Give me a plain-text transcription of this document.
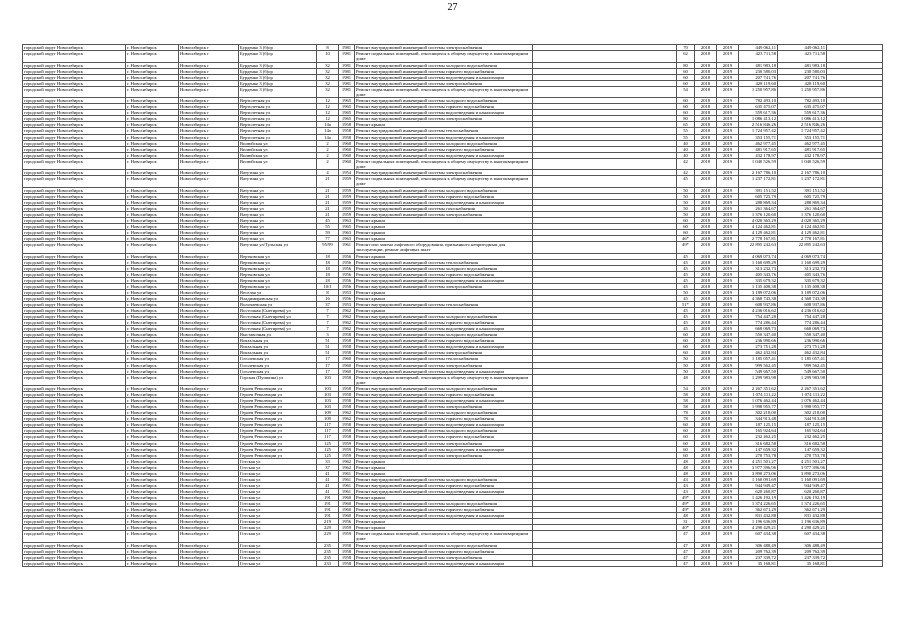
27
городской округ Новосибирск	г. Новосибирск	Новосибирск г	Бурденко 3 (б)ор	8	1981	Ремонт внутридомовой инженерной системы электроснабжения		70	2018	2019	449 062,11	449 062,11	
городской округ Новосибирск	г. Новосибирск	Новосибирск г	Бурденко 3 (б)ор	10	1981	Ремонт подвальных помещений, относящихся к общему имуществу в многоквартирном доме		62	2018	2019	423 711,58	423 711,58	
городской округ Новосибирск	г. Новосибирск	Новосибирск г	Бурденко 3 (б)ор	32	1981	Ремонт внутридомовой инженерной системы холодного водоснабжения		80	2018	2019	481 983,18	481 983,18	
городской округ Новосибирск	г. Новосибирск	Новосибирск г	Бурденко 3 (б)ор	32	1981	Ремонт внутридомовой инженерной системы горячего водоснабжения		60	2018	2019	230 580,03	230 580,03	
городской округ Новосибирск	г. Новосибирск	Новосибирск г	Бурденко 3 (б)ор	32	1981	Ремонт внутридомовой инженерной системы водоотведения и канализации		60	2018	2019	207 741,76	207 741,76	
городской округ Новосибирск	г. Новосибирск	Новосибирск г	Бурденко 3 (б)ор	32	1981	Ремонт внутридомовой инженерной системы электроснабжения		60	2018	2019	428 119,60	428 119,60	
городской округ Новосибирск	г. Новосибирск	Новосибирск г	Бурденко 3 (б)ор	32	1981	Ремонт подвальных помещений, относящихся к общему имуществу в многоквартирном доме		54	2018	2019	1 250 957,86	1 250 957,86	
городской округ Новосибирск	г. Новосибирск	Новосибирск г	Вертолетная ул	12	1965	Ремонт внутридомовой инженерной системы холодного водоснабжения		60	2018	2019	782 493,10	782 493,10	
городской округ Новосибирск	г. Новосибирск	Новосибирск г	Вертолетная ул	12	1965	Ремонт внутридомовой инженерной системы горячего водоснабжения		60	2018	2019	635 475,07	635 475,07	
городской округ Новосибирск	г. Новосибирск	Новосибирск г	Вертолетная ул	12	1965	Ремонт внутридомовой инженерной системы водоотведения и канализации		60	2018	2019	559 617,36	559 617,36	
городской округ Новосибирск	г. Новосибирск	Новосибирск г	Вертолетная ул	12	1965	Ремонт внутридомовой инженерной системы электроснабжения		80	2018	2019	1 086 413,12	1 086 413,12	
городской округ Новосибирск	г. Новосибирск	Новосибирск г	Вертолетная ул	14а	1958	Ремонт крыши		65	2018	2019	2 516 846,26	2 516 846,26	
городской округ Новосибирск	г. Новосибирск	Новосибирск г	Вертолетная ул	14а	1958	Ремонт внутридомовой инженерной системы теплоснабжения		55	2018	2019	1 724 957,42	1 724 957,42	
городской округ Новосибирск	г. Новосибирск	Новосибирск г	Вертолетная ул	14а	1958	Ремонт внутридомовой инженерной системы водоотведения и канализации		55	2018	2019	353 155,71	353 155,71	
городской округ Новосибирск	г. Новосибирск	Новосибирск г	Вилюйская ул	2	1960	Ремонт внутридомовой инженерной системы холодного водоснабжения		40	2018	2019	462 977,45	462 977,45	
городской округ Новосибирск	г. Новосибирск	Новосибирск г	Вилюйская ул	2	1960	Ремонт внутридомовой инженерной системы горячего водоснабжения		40	2018	2019	481 917,65	481 917,65	
городской округ Новосибирск	г. Новосибирск	Новосибирск г	Вилюйская ул	2	1960	Ремонт внутридомовой инженерной системы водоотведения и канализации		40	2018	2019	432 178,97	432 178,97	
городской округ Новосибирск	г. Новосибирск	Новосибирск г	Вилюйская ул	2	1960	Ремонт подвальных помещений, относящихся к общему имуществу в многоквартирном доме		42	2018	2019	1 040 526,59	1 040 526,59	
городской округ Новосибирск	г. Новосибирск	Новосибирск г	Ватутина ул	4	1954	Ремонт внутридомовой инженерной системы электроснабжения		42	2018	2019	2 167 786,10	2 167 786,10	
городской округ Новосибирск	г. Новосибирск	Новосибирск г	Ватутина ул	21	1959	Ремонт подвальных помещений, относящихся к общему имуществу в многоквартирном доме		45	2018	2019	1 237 172,81	1 237 172,81	
городской округ Новосибирск	г. Новосибирск	Новосибирск г	Ватутина ул	21	1959	Ремонт внутридомовой инженерной системы холодного водоснабжения		50	2018	2019	391 151,52	391 151,52	
городской округ Новосибирск	г. Новосибирск	Новосибирск г	Ватутина ул	21	1959	Ремонт внутридомовой инженерной системы горячего водоснабжения		50	2018	2019	605 725,79	605 725,79	
городской округ Новосибирск	г. Новосибирск	Новосибирск г	Ватутина ул	21	1959	Ремонт внутридомовой инженерной системы водоотведения и канализации		50	2018	2019	288 869,34	288 869,34	
городской округ Новосибирск	г. Новосибирск	Новосибирск г	Ватутина ул	21	1959	Ремонт внутридомовой инженерной системы газоснабжения		50	2018	2019	261 364,67	261 364,67	
городской округ Новосибирск	г. Новосибирск	Новосибирск г	Ватутина ул	21	1959	Ремонт внутридомовой инженерной системы электроснабжения		50	2018	2019	1 376 120,60	1 376 120,60	
городской округ Новосибирск	г. Новосибирск	Новосибирск г	Ватутина ул	45	1963	Ремонт крыши		60	2018	2019	4 020 365,29	4 020 365,29	
городской округ Новосибирск	г. Новосибирск	Новосибирск г	Ватутина ул	55	1965	Ремонт крыши		60	2018	2019	4 124 462,81	4 124 462,81	
городской округ Новосибирск	г. Новосибирск	Новосибирск г	Ватутина ул	59	1963	Ремонт крыши		60	2018	2019	4 129 462,81	4 129 462,81	
городской округ Новосибирск	г. Новосибирск	Новосибирск г	Ватутина ул	77	1963	Ремонт крыши		46*	2018	2019	2 778 167,81	2 778 167,81	
городской округ Новосибирск	г. Новосибирск	Новосибирск г	Ватутина ул/Тульская ул	95/99	1961	Ремонт или замена лифтового оборудования, признанного непригодным для эксплуатации, ремонт лифтовых шахт		49*	2018	2019	22 895 242,63	22 895 242,63	
городской округ Новосибирск	г. Новосибирск	Новосибирск г	Вертковская ул	18	1956	Ремонт крыши		45	2018	2019	4 069 073,74	4 069 073,74	
городской округ Новосибирск	г. Новосибирск	Новосибирск г	Вертковская ул	18	1956	Ремонт внутридомовой инженерной системы теплоснабжения		45	2018	2019	1 160 699,29	1 160 699,29	
городской округ Новосибирск	г. Новосибирск	Новосибирск г	Вертковская ул	18	1956	Ремонт внутридомовой инженерной системы холодного водоснабжения		45	2018	2019	313 232,73	313 232,73	
городской округ Новосибирск	г. Новосибирск	Новосибирск г	Вертковская ул	18	1956	Ремонт внутридомовой инженерной системы горячего водоснабжения		45	2018	2019	405 343,76	405 343,76	
городской округ Новосибирск	г. Новосибирск	Новосибирск г	Вертковская ул	18	1956	Ремонт внутридомовой инженерной системы водоотведения и канализации		45	2018	2019	335 679,32	335 679,32	
городской округ Новосибирск	г. Новосибирск	Новосибирск г	Вертковская ул	10/1	1956	Ремонт внутридомовой инженерной системы электроснабжения		45	2018	2019	1 135 408,38	1 135 408,38	
городской округ Новосибирск	г. Новосибирск	Новосибирск г	Веселая ул	8	1953	Ремонт крыши		50	2018	2019	3 189 072,06	3 189 072,06	
городской округ Новосибирск	г. Новосибирск	Новосибирск г	Владимировская ул	16	1956	Ремонт крыши		45	2018	2019	4 368 743,38	4 368 743,38	
городской округ Новосибирск	г. Новосибирск	Новосибирск г	Волочаевская ул	37	1953	Ремонт внутридомовой инженерной системы теплоснабжения		51*	2018	2019	608 937,86	608 937,86	
городской округ Новосибирск	г. Новосибирск	Новосибирск г	Восточная (Снегирева) ул	7	1962	Ремонт крыши		45	2018	2019	4 236 016,62	4 236 016,62	
городской округ Новосибирск	г. Новосибирск	Новосибирск г	Восточная (Снегирева) ул	7	1962	Ремонт внутридомовой инженерной системы холодного водоснабжения		45	2018	2019	754 447,28	754 447,28	
городской округ Новосибирск	г. Новосибирск	Новосибирск г	Восточная (Снегирева) ул	7	1962	Ремонт внутридомовой инженерной системы горячего водоснабжения		45	2018	2019	774 286,44	774 286,44	
городской округ Новосибирск	г. Новосибирск	Новосибирск г	Восточная (Снегирева) ул	7	1962	Ремонт внутридомовой инженерной системы водоотведения и канализации		45	2018	2019	668 069,73	668 069,73	
городской округ Новосибирск	г. Новосибирск	Новосибирск г	Выставочная ул	3	1958	Ремонт внутридомовой инженерной системы холодного водоснабжения		60	2018	2019	550 347,40	550 347,40	
городской округ Новосибирск	г. Новосибирск	Новосибирск г	Вокзальная ул	51	1958	Ремонт внутридомовой инженерной системы горячего водоснабжения		60	2018	2019	236 990,66	236 990,66	
городской округ Новосибирск	г. Новосибирск	Новосибирск г	Вокзальная ул	51	1958	Ремонт внутридомовой инженерной системы водоотведения и канализации		60	2018	2019	273 751,28	273 751,28	
городской округ Новосибирск	г. Новосибирск	Новосибирск г	Вокзальная ул	51	1958	Ремонт внутридомовой инженерной системы электроснабжения		60	2018	2019	462 432,84	462 432,84	
городской округ Новосибирск	г. Новосибирск	Новосибирск г	Гоголевская ул	17	1960	Ремонт внутридомовой инженерной системы теплоснабжения		50	2018	2019	1 185 057,41	1 185 057,41	
городской округ Новосибирск	г. Новосибирск	Новосибирск г	Гоголевская ул	17	1960	Ремонт внутридомовой инженерной системы электроснабжения		50	2018	2019	999 562,45	999 562,45	
городской округ Новосибирск	г. Новосибирск	Новосибирск г	Гоголевская ул	17	1960	Ремонт внутридомовой инженерной системы водоотведения и канализации		50	2018	2019	549 667,50	549 667,50	
городской округ Новосибирск	г. Новосибирск	Новосибирск г	Горская (Пушкина) ул	103	1958	Ремонт подвальных помещений, относящихся к общему имуществу в многоквартирном доме		48	2018	2019	1 299 983,98	1 299 983,98	
городской округ Новосибирск	г. Новосибирск	Новосибирск г	Героев Революции ул	103	1958	Ремонт внутридомовой инженерной системы холодного водоснабжения		54	2018	2019	2 267 351,62	2 267 351,62	
городской округ Новосибирск	г. Новосибирск	Новосибирск г	Героев Революции ул	103	1958	Ремонт внутридомовой инженерной системы горячего водоснабжения		58	2018	2019	1 074 111,22	1 074 111,22	
городской округ Новосибирск	г. Новосибирск	Новосибирск г	Героев Революции ул	103	1958	Ремонт внутридомовой инженерной системы водоотведения и канализации		58	2018	2019	1 076 462,44	1 076 462,44	
городской округ Новосибирск	г. Новосибирск	Новосибирск г	Героев Революции ул	103	1958	Ремонт внутридомовой инженерной системы электроснабжения		58	2018	2019	1 998 955,77	1 998 955,77	
городской округ Новосибирск	г. Новосибирск	Новосибирск г	Героев Революции ул	109	1962	Ремонт внутридомовой инженерной системы холодного водоснабжения		78	2018	2019	302 218,00	302 218,00	
городской округ Новосибирск	г. Новосибирск	Новосибирск г	Героев Революции ул	109	1962	Ремонт внутридомовой инженерной системы горячего водоснабжения		78	2018	2019	344 913,48	344 913,48	
городской округ Новосибирск	г. Новосибирск	Новосибирск г	Героев Революции ул	117	1958	Ремонт внутридомовой инженерной системы водоотведения и канализации		60	2018	2019	187 125,15	187 125,15	
городской округ Новосибирск	г. Новосибирск	Новосибирск г	Героев Революции ул	117	1958	Ремонт внутридомовой инженерной системы холодного водоснабжения		60	2018	2019	165 924,64	165 924,64	
городской округ Новосибирск	г. Новосибирск	Новосибирск г	Героев Революции ул	117	1958	Ремонт внутридомовой инженерной системы горячего водоснабжения		60	2018	2019	232 462,25	232 462,25	
городской округ Новосибирск	г. Новосибирск	Новосибирск г	Героев Революции ул	125	1959	Ремонт внутридомовой инженерной системы электроснабжения		60	2018	2019	316 682,58	316 682,58	
городской округ Новосибирск	г. Новосибирск	Новосибирск г	Героев Революции ул	125	1959	Ремонт внутридомовой инженерной системы водоотведения и канализации		60	2018	2019	147 659,32	147 659,32	
городской округ Новосибирск	г. Новосибирск	Новосибирск г	Героев Революции ул	125	1959	Ремонт внутридомовой инженерной системы электроснабжения		60	2018	2019	270 753,78	270 753,78	
городской округ Новосибирск	г. Новосибирск	Новосибирск г	Готская ул	33	1962	Ремонт крыши		48	2018	2019	4 251 501,27	4 251 501,27	
городской округ Новосибирск	г. Новосибирск	Новосибирск г	Готская ул	37	1962	Ремонт крыши		48	2018	2019	3 977 396,96	3 977 396,96	
городской округ Новосибирск	г. Новосибирск	Новосибирск г	Готская ул	41	1961	Ремонт крыши		48	2018	2019	3 890 273,06	3 890 273,06	
городской округ Новосибирск	г. Новосибирск	Новосибирск г	Готская ул	41	1961	Ремонт внутридомовой инженерной системы холодного водоснабжения		43	2018	2019	1 160 091,69	1 160 091,69	
городской округ Новосибирск	г. Новосибирск	Новосибирск г	Готская ул	41	1961	Ремонт внутридомовой инженерной системы горячего водоснабжения		43	2018	2019	944 949,47	944 949,47	
городской округ Новосибирск	г. Новосибирск	Новосибирск г	Готская ул	41	1961	Ремонт внутридомовой инженерной системы водоотведения и канализации		43	2018	2019	620 260,87	620 260,87	
городской округ Новосибирск	г. Новосибирск	Новосибирск г	Готская ул	191	1960	Ремонт крыши		49*	2018	2019	1 426 192,19	1 426 192,19	
городской округ Новосибирск	г. Новосибирск	Новосибирск г	Готская ул	191	1960	Ремонт внутридомовой инженерной системы холодного водоснабжения		49*	2018	2019	1 374 226,65	1 374 226,65	
городской округ Новосибирск	г. Новосибирск	Новосибирск г	Готская ул	191	1960	Ремонт внутридомовой инженерной системы горячего водоснабжения		49*	2018	2019	362 671,29	362 671,29	
городской округ Новосибирск	г. Новосибирск	Новосибирск г	Готская ул	191	1960	Ремонт внутридомовой инженерной системы водоотведения и канализации		48	2018	2019	831 432,88	831 432,88	
городской округ Новосибирск	г. Новосибирск	Новосибирск г	Готская ул	219	1956	Ремонт крыши		31	2018	2019	1 196 636,89	1 196 636,89	
городской округ Новосибирск	г. Новосибирск	Новосибирск г	Готская ул	229	1959	Ремонт крыши		40*	2018	2019	4 290 429,21	4 290 429,21	
городской округ Новосибирск	г. Новосибирск	Новосибирск г	Готская ул	229	1959	Ремонт подвальных помещений, относящихся к общему имуществу в многоквартирном доме		47	2018	2019	607 434,38	607 434,38	
городской округ Новосибирск	г. Новосибирск	Новосибирск г	Готская ул	235	1958	Ремонт внутридомовой инженерной системы холодного водоснабжения		47	2018	2019	306 488,49	306 488,49	
городской округ Новосибирск	г. Новосибирск	Новосибирск г	Готская ул	235	1958	Ремонт внутридомовой инженерной системы горячего водоснабжения		47	2018	2019	209 762,39	209 762,39	
городской округ Новосибирск	г. Новосибирск	Новосибирск г	Готская ул	235	1958	Ремонт внутридомовой инженерной системы электроснабжения		47	2018	2019	237 339,72	237 339,72	
городской округ Новосибирск	г. Новосибирск	Новосибирск г	Готская ул	233	1958	Ремонт внутридомовой инженерной системы водоотведения и канализации		47	2018	2019	35 168,81	35 168,81	
